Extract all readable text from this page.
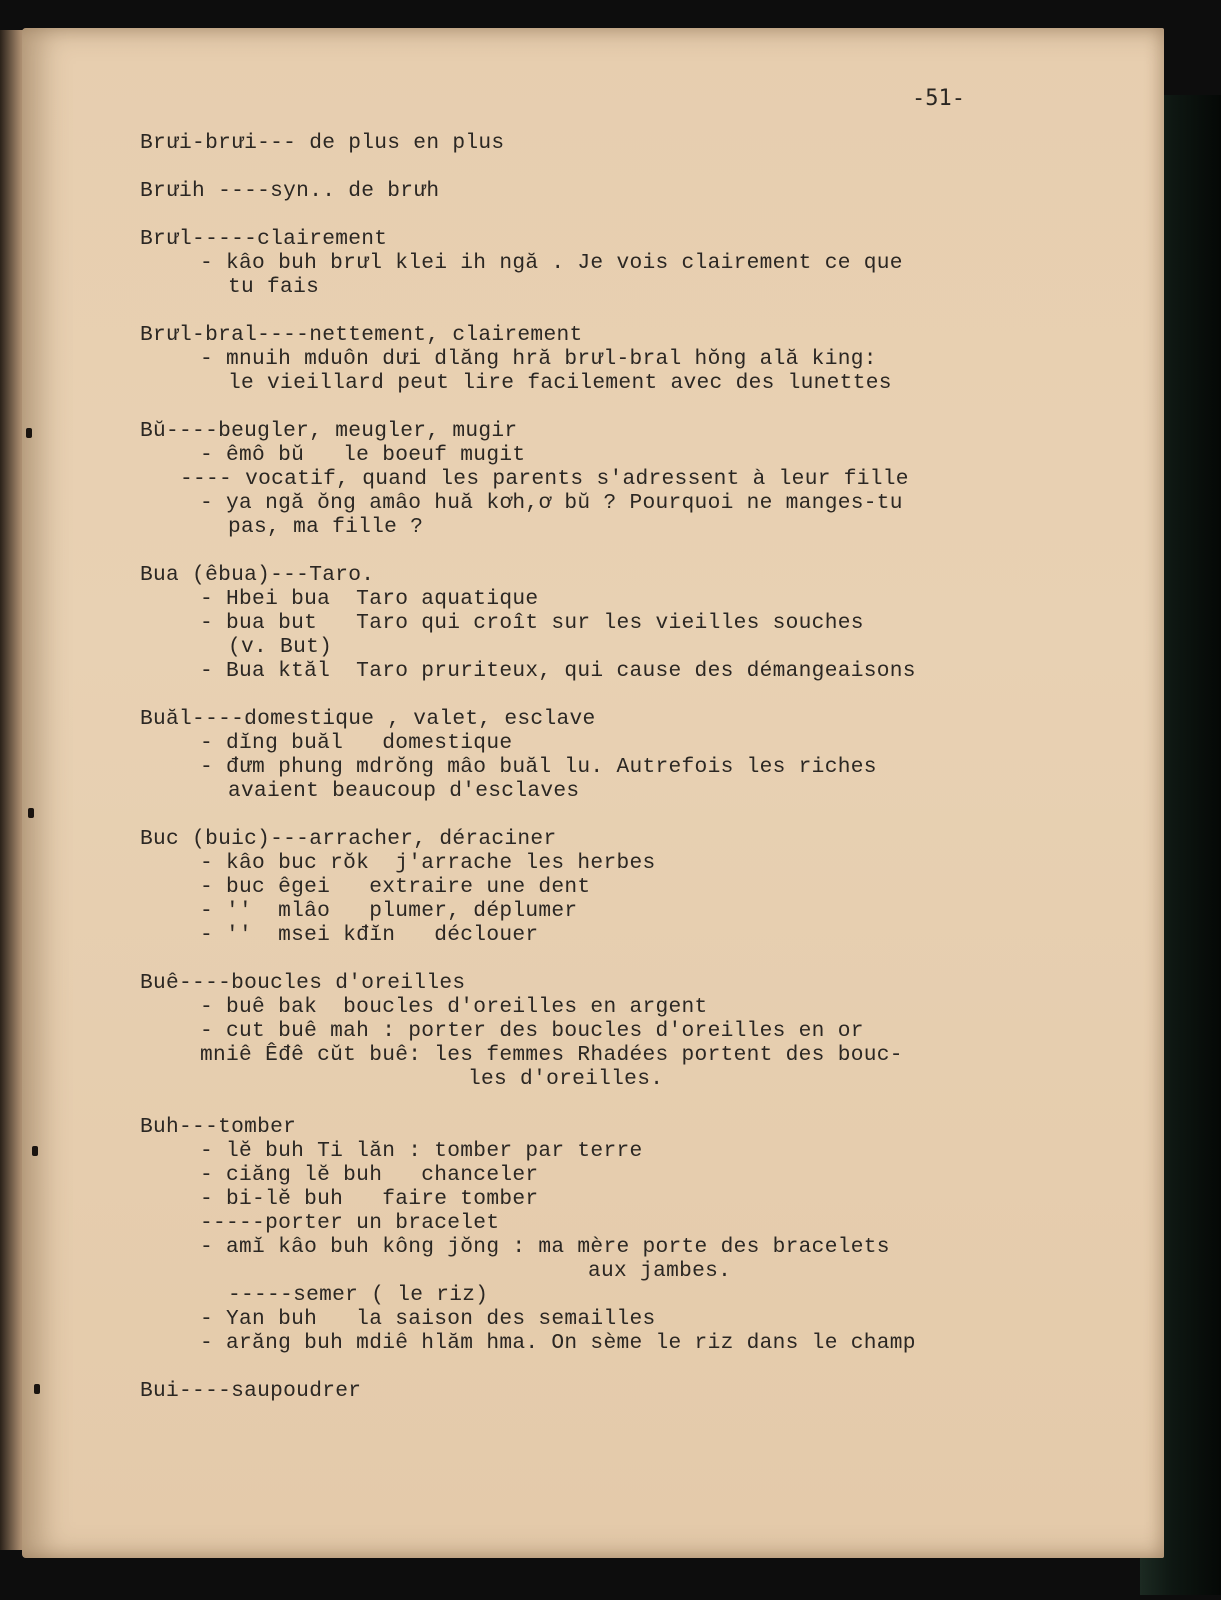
-51-

Brưi-brưi--- de plus en plus

Brưih ----syn.. de brưh

Brưl-----clairement

- kâo buh brưl klei ih ngă . Je vois clairement ce que

tu fais

Brưl-bral----nettement, clairement

- mnuih mduôn dưi dlăng hră brưl-bral hŏng ală king:

le vieillard peut lire facilement avec des lunettes

Bŭ----beugler, meugler, mugir

- êmô bŭ   le boeuf mugit

---- vocatif, quand les parents s'adressent à leur fille

- ya ngă ŏng amâo huă kơh,ơ bŭ ? Pourquoi ne manges-tu

pas, ma fille ?

Bua (êbua)---Taro.

- Hbei bua  Taro aquatique

- bua but   Taro qui croît sur les vieilles souches

(v. But)

- Bua ktăl  Taro pruriteux, qui cause des démangeaisons

Buăl----domestique , valet, esclave

- dĭng buăl   domestique

- đưm phung mdrŏng mâo buăl lu. Autrefois les riches

avaient beaucoup d'esclaves

Buc (buic)---arracher, déraciner

- kâo buc rŏk  j'arrache les herbes

- buc êgei   extraire une dent

- ''  mlâo   plumer, déplumer

- ''  msei kđĭn   déclouer

Buê----boucles d'oreilles

- buê bak  boucles d'oreilles en argent

- cut buê mah : porter des boucles d'oreilles en or

mniê Êđê cŭt buê: les femmes Rhadées portent des bouc-

les d'oreilles.

Buh---tomber

- lĕ buh Ti lăn : tomber par terre

- ciăng lĕ buh   chanceler

- bi-lĕ buh   faire tomber

-----porter un bracelet

- amĭ kâo buh kông jŏng : ma mère porte des bracelets

aux jambes.

-----semer ( le riz)

- Yan buh   la saison des semailles

- arăng buh mdiê hlăm hma. On sème le riz dans le champ

Bui----saupoudrer
